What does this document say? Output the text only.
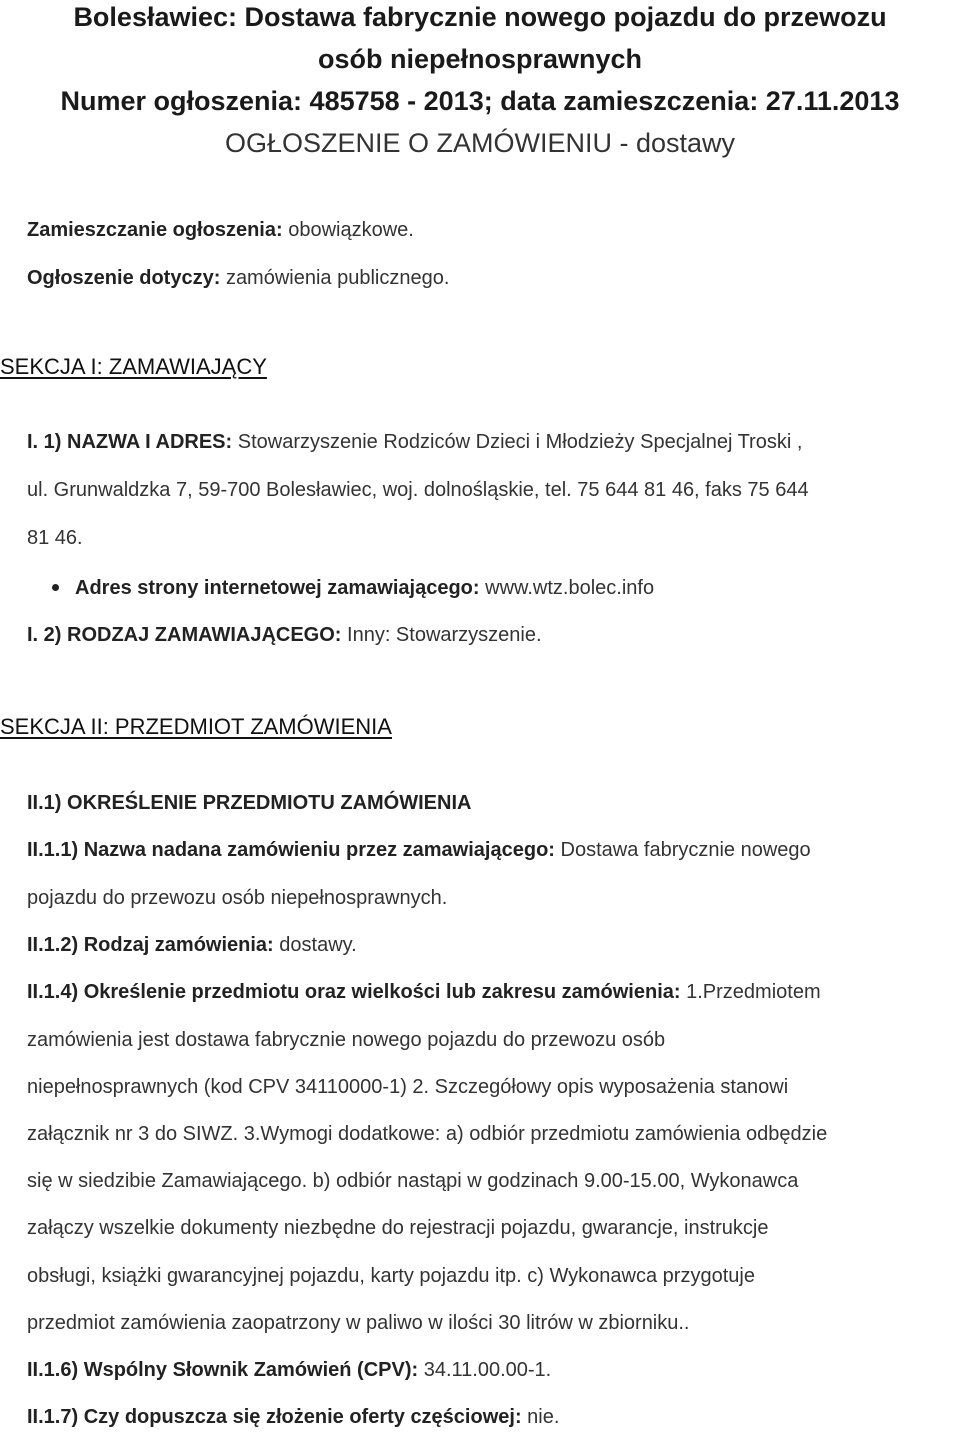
Bolesławiec: Dostawa fabrycznie nowego pojazdu do przewozu
osób niepełnosprawnych
Numer ogłoszenia: 485758 - 2013; data zamieszczenia: 27.11.2013
OGŁOSZENIE O ZAMÓWIENIU - dostawy
Zamieszczanie ogłoszenia: obowiązkowe.
Ogłoszenie dotyczy: zamówienia publicznego.
SEKCJA I: ZAMAWIAJĄCY
I. 1) NAZWA I ADRES: Stowarzyszenie Rodziców Dzieci i Młodzieży Specjalnej Troski ,
ul. Grunwaldzka 7, 59-700 Bolesławiec, woj. dolnośląskie, tel. 75 644 81 46, faks 75 644
81 46.
Adres strony internetowej zamawiającego: www.wtz.bolec.info
I. 2) RODZAJ ZAMAWIAJĄCEGO: Inny: Stowarzyszenie.
SEKCJA II: PRZEDMIOT ZAMÓWIENIA
II.1) OKREŚLENIE PRZEDMIOTU ZAMÓWIENIA
II.1.1) Nazwa nadana zamówieniu przez zamawiającego: Dostawa fabrycznie nowego
pojazdu do przewozu osób niepełnosprawnych.
II.1.2) Rodzaj zamówienia: dostawy.
II.1.4) Określenie przedmiotu oraz wielkości lub zakresu zamówienia: 1.Przedmiotem
zamówienia jest dostawa fabrycznie nowego pojazdu do przewozu osób
niepełnosprawnych (kod CPV 34110000-1) 2. Szczegółowy opis wyposażenia stanowi
załącznik nr 3 do SIWZ. 3.Wymogi dodatkowe: a) odbiór przedmiotu zamówienia odbędzie
się w siedzibie Zamawiającego. b) odbiór nastąpi w godzinach 9.00-15.00, Wykonawca
załączy wszelkie dokumenty niezbędne do rejestracji pojazdu, gwarancje, instrukcje
obsługi, książki gwarancyjnej pojazdu, karty pojazdu itp. c) Wykonawca przygotuje
przedmiot zamówienia zaopatrzony w paliwo w ilości 30 litrów w zbiorniku..
II.1.6) Wspólny Słownik Zamówień (CPV): 34.11.00.00-1.
II.1.7) Czy dopuszcza się złożenie oferty częściowej: nie.
